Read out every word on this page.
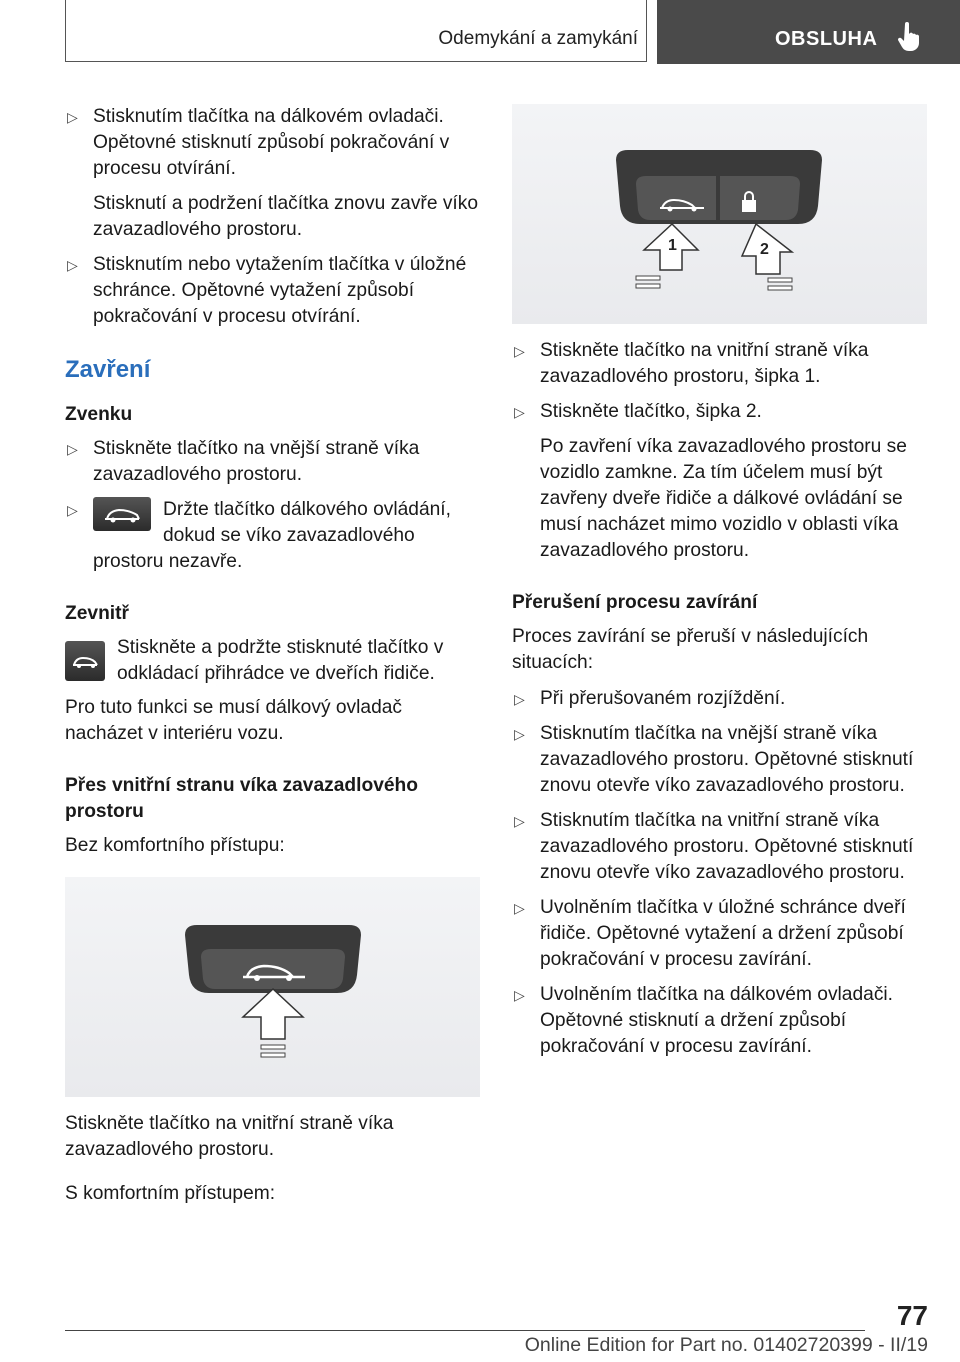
Odemykání a zamykání	OBSLUHA
▷ Stisknutím tlačítka na dálkovém ovladači. Opětovné stisknutí způsobí pokračování v procesu otvírání.
Stisknutí a podržení tlačítka znovu zavře víko zavazadlového prostoru.
▷ Stisknutím nebo vytažením tlačítka v úložné schránce. Opětovné vytažení způsobí pokračování v procesu otvírání.
Zavření
Zvenku
▷ Stiskněte tlačítko na vnější straně víka zavazadlového prostoru.
▷	Držte tlačítko dálkového ovládání, dokud se víko zavazadlového prostoru nezavře.
Zevnitř
Stiskněte a podržte stisknuté tlačítko v odkládací přihrádce ve dveřích řidiče.
Pro tuto funkci se musí dálkový ovladač nacházet v interiéru vozu.
Přes vnitřní stranu víka zavazadlového prostoru
Bez komfortního přístupu:
Stiskněte tlačítko na vnitřní straně víka zavazadlového prostoru.
S komfortním přístupem:
1	2
▷ Stiskněte tlačítko na vnitřní straně víka zavazadlového prostoru, šipka 1.
▷ Stiskněte tlačítko, šipka 2.
Po zavření víka zavazadlového prostoru se vozidlo zamkne. Za tím účelem musí být zavřeny dveře řidiče a dálkové ovládání se musí nacházet mimo vozidlo v oblasti víka zavazadlového prostoru.
Přerušení procesu zavírání
Proces zavírání se přeruší v následujících situacích:
▷ Při přerušovaném rozjíždění.
▷ Stisknutím tlačítka na vnější straně víka zavazadlového prostoru. Opětovné stisknutí znovu otevře víko zavazadlového prostoru.
▷ Stisknutím tlačítka na vnitřní straně víka zavazadlového prostoru. Opětovné stisknutí znovu otevře víko zavazadlového prostoru.
▷ Uvolněním tlačítka v úložné schránce dveří řidiče. Opětovné vytažení a držení způsobí pokračování v procesu zavírání.
▷ Uvolněním tlačítka na dálkovém ovladači. Opětovné stisknutí a držení způsobí pokračování v procesu zavírání.
77
Online Edition for Part no. 01402720399 - II/19
